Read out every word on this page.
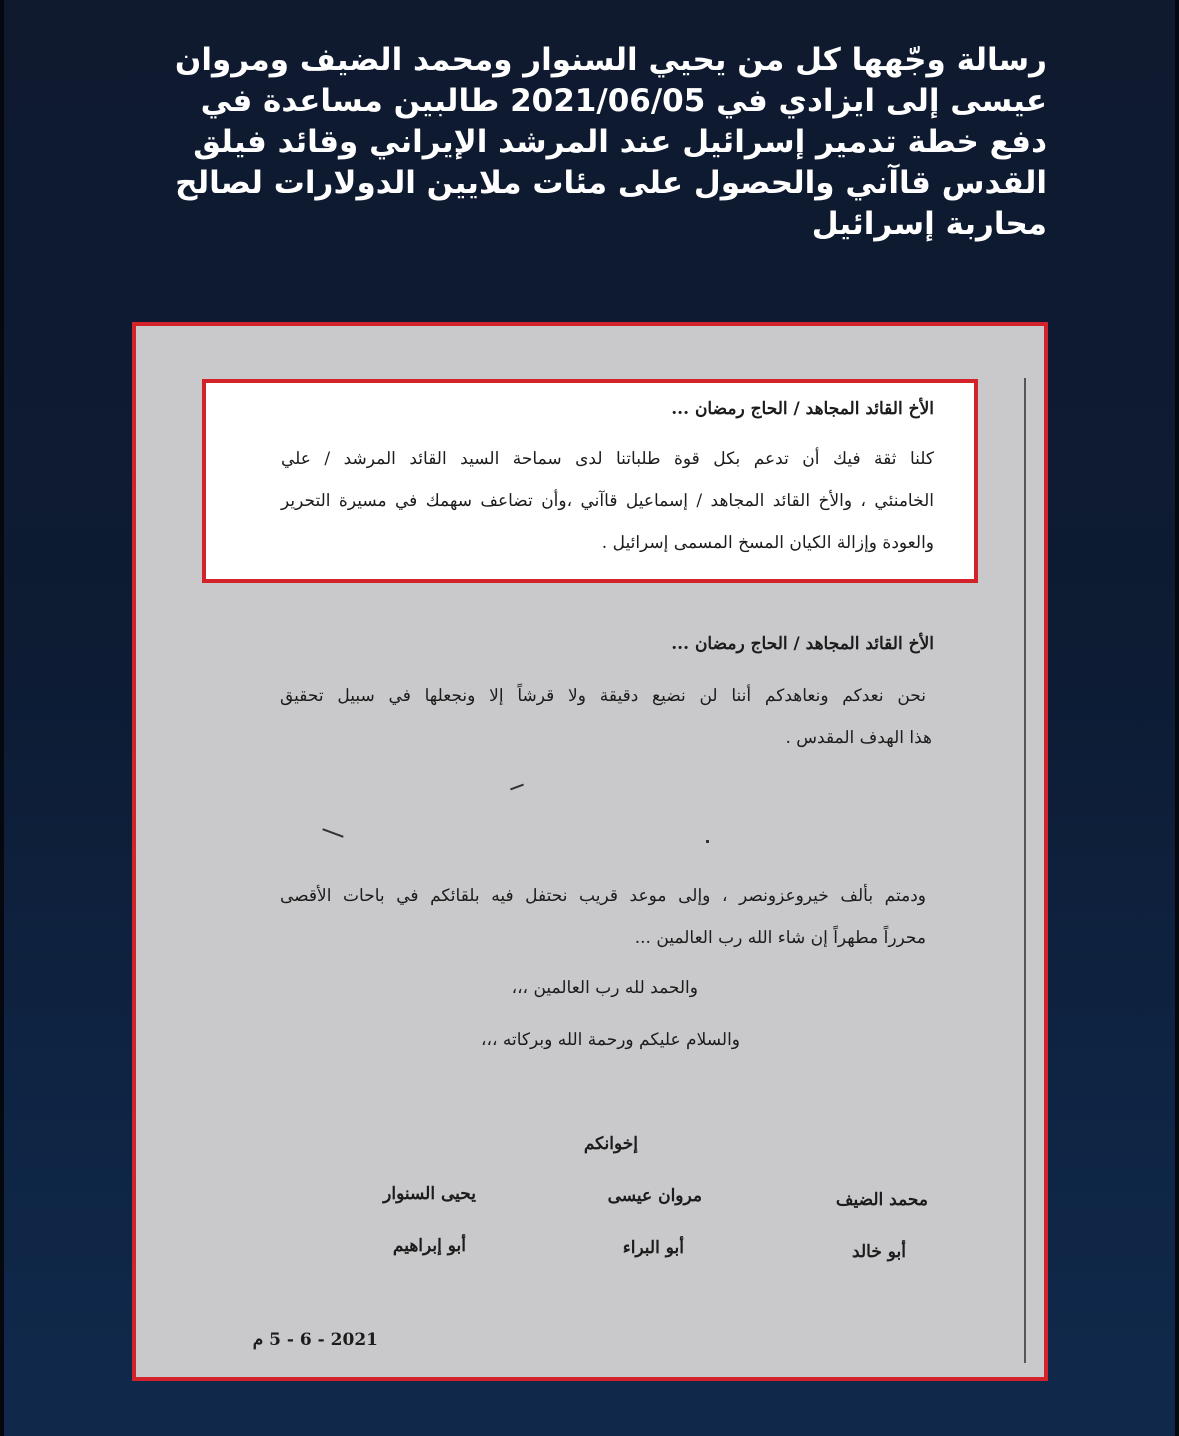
رسالة وجّهها كل من يحيي السنوار ومحمد الضيف ومروان
عيسى إلى ايزادي في 2021/06/05 طالبين مساعدة في
دفع خطة تدمير إسرائيل عند المرشد الإيراني وقائد فيلق
القدس قاآني والحصول على مئات ملايين الدولارات لصالح
محاربة إسرائيل
الأخ القائد المجاهد / الحاج رمضان ...
كلنا ثقة فيك أن تدعم بكل قوة طلباتنا لدى سماحة السيد القائد المرشد / علي
الخامنئي ، والأخ القائد المجاهد / إسماعيل قاآني ،وأن تضاعف سهمك في مسيرة التحرير
والعودة وإزالة الكيان المسخ المسمى إسرائيل .
الأخ القائد المجاهد / الحاج رمضان ...
نحن نعدكم ونعاهدكم أننا لن نضيع دقيقة ولا قرشاً إلا ونجعلها في سبيل تحقيق
هذا الهدف المقدس .
ودمتم بألف خيروعزونصر ، وإلى موعد قريب نحتفل فيه بلقائكم في باحات الأقصى
محرراً مطهراً إن شاء الله رب العالمين ...
والحمد لله رب العالمين ،،،
والسلام عليكم ورحمة الله وبركاته ،،،
إخوانكم
محمد الضيف
مروان عيسى
يحيى السنوار
أبو خالد
أبو البراء
أبو إبراهيم
2021 - 6 - 5 م
